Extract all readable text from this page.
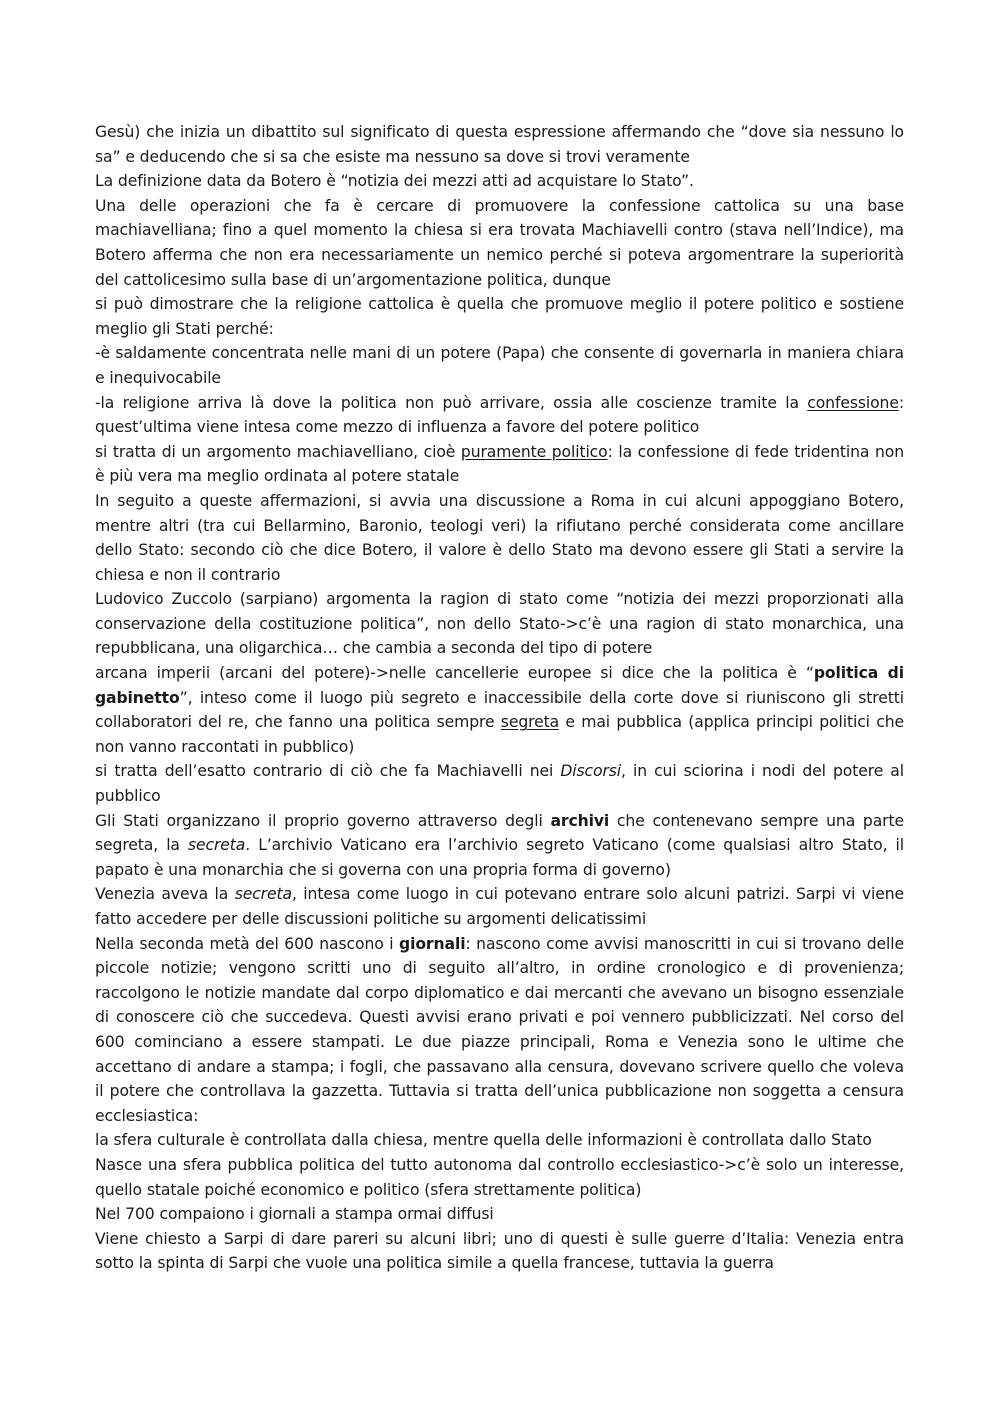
Gesù) che inizia un dibattito sul significato di questa espressione affermando che “dove sia nessuno lo sa” e deducendo che si sa che esiste ma nessuno sa dove si trovi veramente

La definizione data da Botero è “notizia dei mezzi atti ad acquistare lo Stato”.

Una delle operazioni che fa è cercare di promuovere la confessione cattolica su una base machiavelliana; fino a quel momento la chiesa si era trovata Machiavelli contro (stava nell’Indice), ma Botero afferma che non era necessariamente un nemico perché si poteva argomentrare la superiorità del cattolicesimo sulla base di un’argomentazione politica, dunque

si può dimostrare che la religione cattolica è quella che promuove meglio il potere politico e sostiene meglio gli Stati perché:

-è saldamente concentrata nelle mani di un potere (Papa) che consente di governarla in maniera chiara e inequivocabile

-la religione arriva là dove la politica non può arrivare, ossia alle coscienze tramite la confessione: quest’ultima viene intesa come mezzo di influenza a favore del potere politico

si tratta di un argomento machiavelliano, cioè puramente politico: la confessione di fede tridentina non è più vera ma meglio ordinata al potere statale

In seguito a queste affermazioni, si avvia una discussione a Roma in cui alcuni appoggiano Botero, mentre altri (tra cui Bellarmino, Baronio, teologi veri) la rifiutano perché considerata come ancillare dello Stato: secondo ciò che dice Botero, il valore è dello Stato ma devono essere gli Stati a servire la chiesa e non il contrario

Ludovico Zuccolo (sarpiano) argomenta la ragion di stato come “notizia dei mezzi proporzionati alla conservazione della costituzione politica”, non dello Stato->c’è una ragion di stato monarchica, una repubblicana, una oligarchica… che cambia a seconda del tipo di potere

arcana imperii (arcani del potere)->nelle cancellerie europee si dice che la politica è “politica di gabinetto”, inteso come il luogo più segreto e inaccessibile della corte dove si riuniscono gli stretti collaboratori del re, che fanno una politica sempre segreta e mai pubblica (applica principi politici che non vanno raccontati in pubblico)

si tratta dell’esatto contrario di ciò che fa Machiavelli nei Discorsi, in cui sciorina i nodi del potere al pubblico

Gli Stati organizzano il proprio governo attraverso degli archivi che contenevano sempre una parte segreta, la secreta. L’archivio Vaticano era l’archivio segreto Vaticano (come qualsiasi altro Stato, il papato è una monarchia che si governa con una propria forma di governo)

Venezia aveva la secreta, intesa come luogo in cui potevano entrare solo alcuni patrizi. Sarpi vi viene fatto accedere per delle discussioni politiche su argomenti delicatissimi

Nella seconda metà del 600 nascono i giornali: nascono come avvisi manoscritti in cui si trovano delle piccole notizie; vengono scritti uno di seguito all’altro, in ordine cronologico e di provenienza; raccolgono le notizie mandate dal corpo diplomatico e dai mercanti che avevano un bisogno essenziale di conoscere ciò che succedeva. Questi avvisi erano privati e poi vennero pubblicizzati. Nel corso del 600 cominciano a essere stampati. Le due piazze principali, Roma e Venezia sono le ultime che accettano di andare a stampa; i fogli, che passavano alla censura, dovevano scrivere quello che voleva il potere che controllava la gazzetta. Tuttavia si tratta dell’unica pubblicazione non soggetta a censura ecclesiastica:

la sfera culturale è controllata dalla chiesa, mentre quella delle informazioni è controllata dallo Stato

Nasce una sfera pubblica politica del tutto autonoma dal controllo ecclesiastico->c’è solo un interesse, quello statale poiché economico e politico (sfera strettamente politica)

Nel 700 compaiono i giornali a stampa ormai diffusi

Viene chiesto a Sarpi di dare pareri su alcuni libri; uno di questi è sulle guerre d’Italia: Venezia entra sotto la spinta di Sarpi che vuole una politica simile a quella francese, tuttavia la guerra
